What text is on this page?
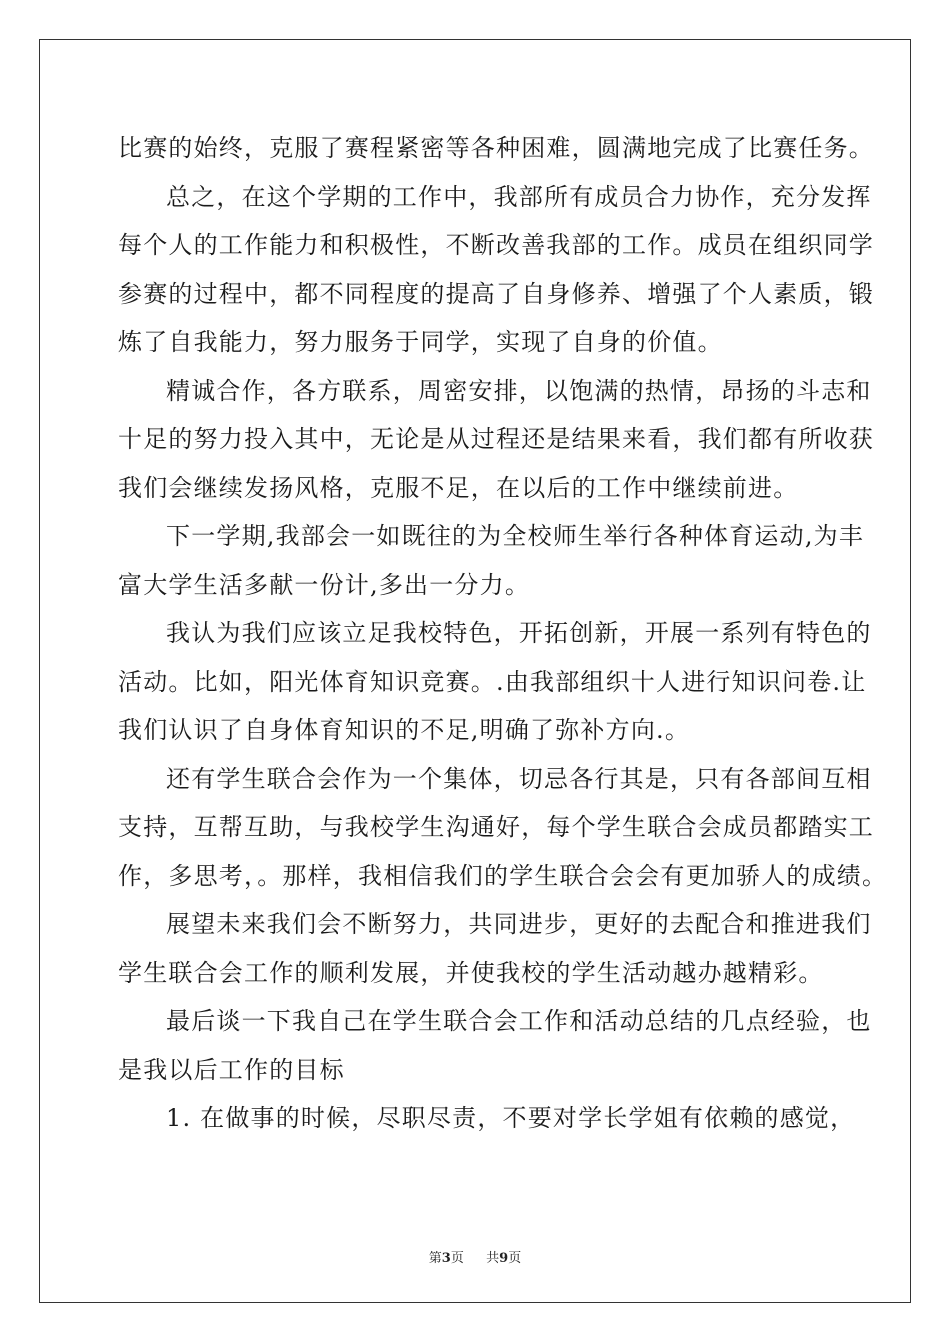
比赛的始终，克服了赛程紧密等各种困难，圆满地完成了比赛任务。

总之，在这个学期的工作中，我部所有成员合力协作，充分发挥
每个人的工作能力和积极性，不断改善我部的工作。成员在组织同学
参赛的过程中，都不同程度的提高了自身修养、增强了个人素质，锻
炼了自我能力，努力服务于同学，实现了自身的价值。

精诚合作，各方联系，周密安排，以饱满的热情，昂扬的斗志和
十足的努力投入其中，无论是从过程还是结果来看，我们都有所收获
我们会继续发扬风格，克服不足，在以后的工作中继续前进。

下一学期,我部会一如既往的为全校师生举行各种体育运动,为丰
富大学生活多献一份计,多出一分力。

我认为我们应该立足我校特色，开拓创新，开展一系列有特色的
活动。比如，阳光体育知识竞赛。.由我部组织十人进行知识问卷.让
我们认识了自身体育知识的不足,明确了弥补方向.。

还有学生联合会作为一个集体，切忌各行其是，只有各部间互相
支持，互帮互助，与我校学生沟通好，每个学生联合会成员都踏实工
作，多思考，。那样，我相信我们的学生联合会会有更加骄人的成绩。

展望未来我们会不断努力，共同进步，更好的去配合和推进我们
学生联合会工作的顺利发展，并使我校的学生活动越办越精彩。

最后谈一下我自己在学生联合会工作和活动总结的几点经验，也
是我以后工作的目标

1. 在做事的时候，尽职尽责，不要对学长学姐有依赖的感觉，

第3页 共9页
